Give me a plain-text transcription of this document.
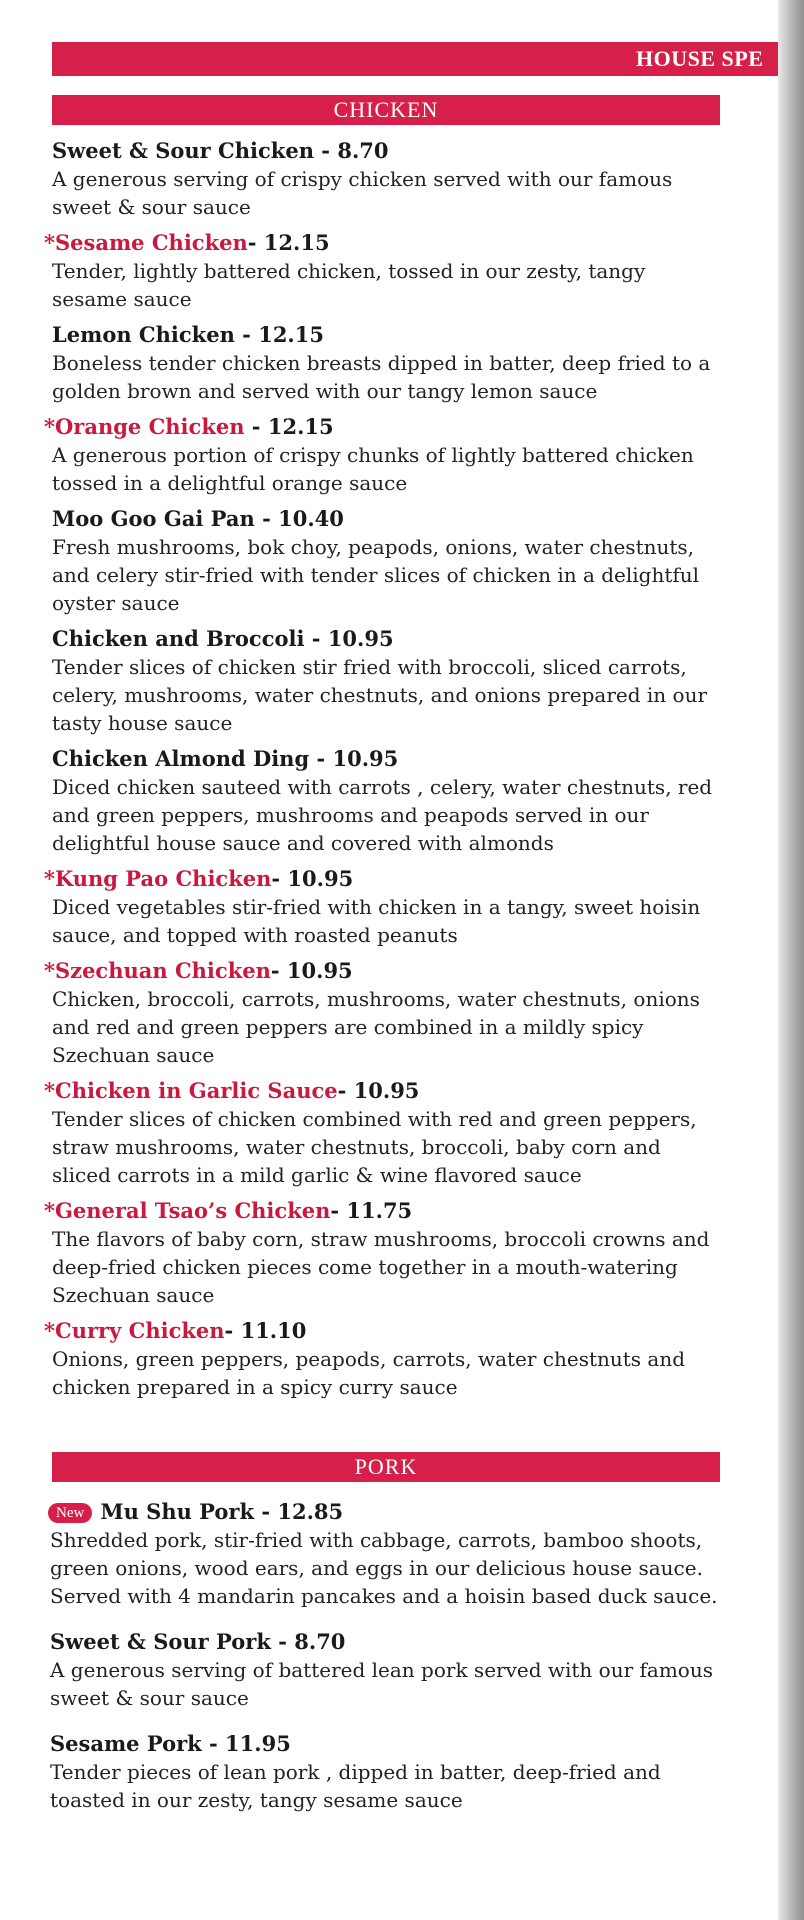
HOUSE SPE
CHICKEN
Sweet & Sour Chicken - 8.70
A generous serving of crispy chicken served with our famous sweet & sour sauce
*Sesame Chicken- 12.15
Tender, lightly battered chicken, tossed in our zesty, tangy sesame sauce
Lemon Chicken - 12.15
Boneless tender chicken breasts dipped in batter, deep fried to a golden brown and served with our tangy lemon sauce
*Orange Chicken - 12.15
A generous portion of crispy chunks of lightly battered chicken tossed in a delightful orange sauce
Moo Goo Gai Pan - 10.40
Fresh mushrooms, bok choy, peapods, onions, water chestnuts, and celery stir-fried with tender slices of chicken in a delightful oyster sauce
Chicken and Broccoli - 10.95
Tender slices of chicken stir fried with broccoli, sliced carrots, celery, mushrooms, water chestnuts, and onions prepared in our tasty house sauce
Chicken Almond Ding - 10.95
Diced chicken sauteed with carrots , celery, water chestnuts, red and green peppers, mushrooms and peapods served in our delightful house sauce and covered with almonds
*Kung Pao Chicken- 10.95
Diced vegetables stir-fried with chicken in a tangy, sweet hoisin sauce, and topped with roasted peanuts
*Szechuan Chicken- 10.95
Chicken, broccoli, carrots, mushrooms, water chestnuts, onions and red and green peppers are combined in a mildly spicy Szechuan sauce
*Chicken in Garlic Sauce- 10.95
Tender slices of chicken combined with red and green peppers, straw mushrooms, water chestnuts, broccoli, baby corn and sliced carrots in a mild garlic & wine flavored sauce
*General Tsao’s Chicken- 11.75
The flavors of baby corn, straw mushrooms, broccoli crowns and deep-fried chicken pieces come together in a mouth-watering Szechuan sauce
*Curry Chicken- 11.10
Onions, green peppers, peapods, carrots, water chestnuts and chicken prepared in a spicy curry sauce
PORK
New Mu Shu Pork - 12.85
Shredded pork, stir-fried with cabbage, carrots, bamboo shoots, green onions, wood ears, and eggs in our delicious house sauce. Served with 4 mandarin pancakes and a hoisin based duck sauce.
Sweet & Sour Pork - 8.70
A generous serving of battered lean pork served with our famous sweet & sour sauce
Sesame Pork - 11.95
Tender pieces of lean pork , dipped in batter, deep-fried and toasted in our zesty, tangy sesame sauce
